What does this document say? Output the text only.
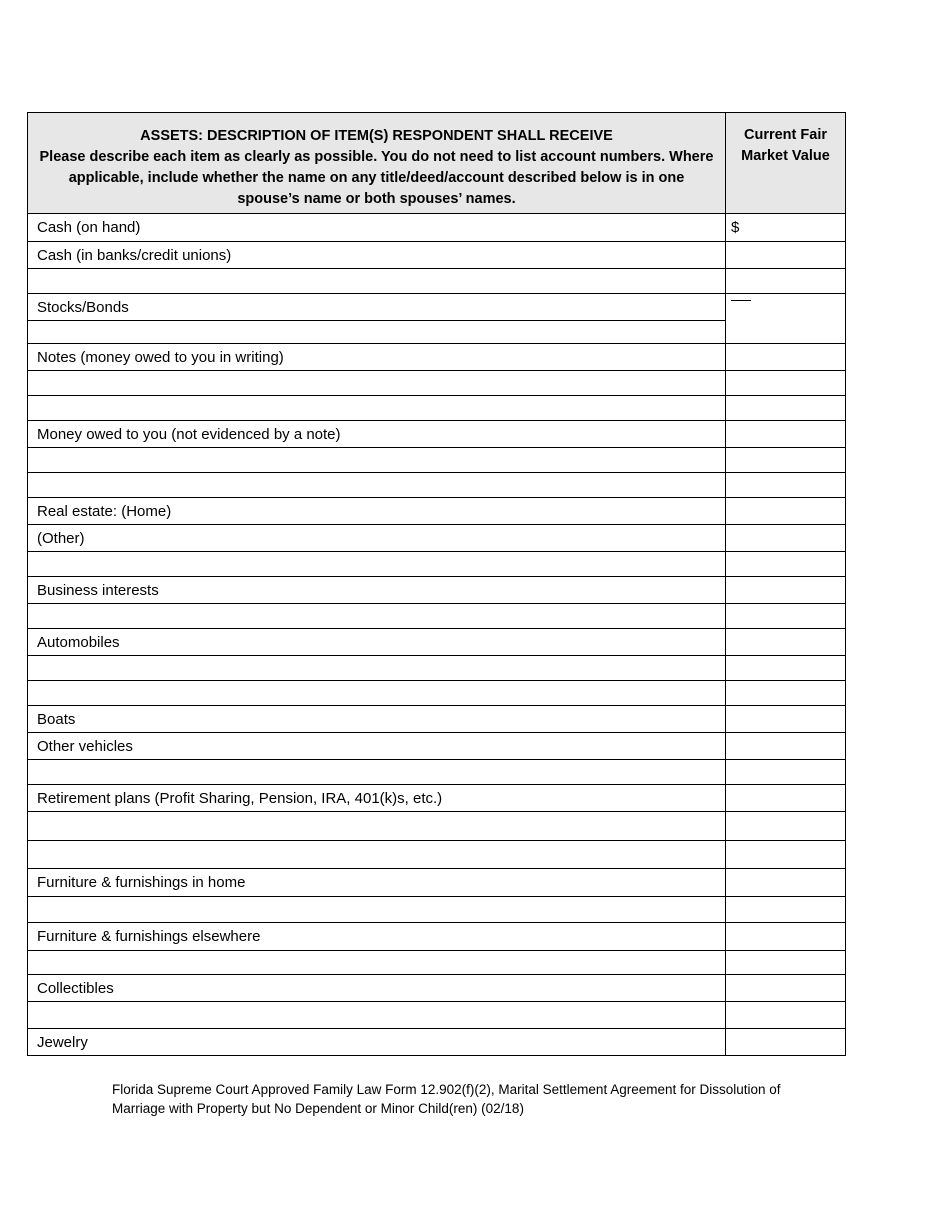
ASSETS: DESCRIPTION OF ITEM(S) RESPONDENT SHALL RECEIVE
Please describe each item as clearly as possible. You do not need to list account numbers. Where
applicable, include whether the name on any title/deed/account described below is in one
spouse’s name or both spouses’ names.	Current Fair
Market Value

Cash (on hand)	$
Cash (in banks/credit unions)	

Stocks/Bonds	

Notes (money owed to you in writing)	

Money owed to you (not evidenced by a note)	

Real estate: (Home)	
(Other)	

Business interests	

Automobiles	

Boats	
Other vehicles	

Retirement plans (Profit Sharing, Pension, IRA, 401(k)s, etc.)	

Furniture & furnishings in home	

Furniture & furnishings elsewhere	

Collectibles	

Jewelry	
Florida Supreme Court Approved Family Law Form 12.902(f)(2), Marital Settlement Agreement for Dissolution of
Marriage with Property but No Dependent or Minor Child(ren) (02/18)
